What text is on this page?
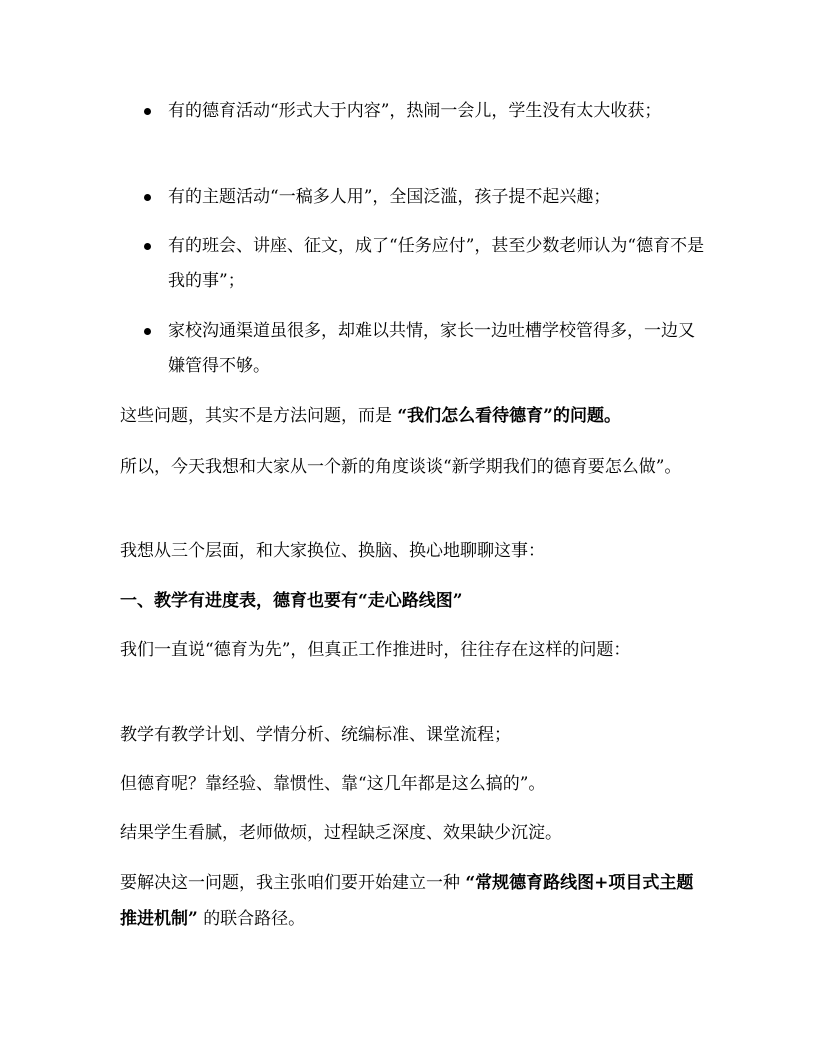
有的德育活动“形式大于内容”，热闹一会儿，学生没有太大收获；
有的主题活动“一稿多人用”，全国泛滥，孩子提不起兴趣；
有的班会、讲座、征文，成了“任务应付”，甚至少数老师认为“德育不是我的事”；
家校沟通渠道虽很多，却难以共情，家长一边吐槽学校管得多，一边又嫌管得不够。

这些问题，其实不是方法问题，而是 “我们怎么看待德育”的问题。

所以，今天我想和大家从一个新的角度谈谈“新学期我们的德育要怎么做”。

我想从三个层面，和大家换位、换脑、换心地聊聊这事：

一、教学有进度表，德育也要有“走心路线图”

我们一直说“德育为先”，但真正工作推进时，往往存在这样的问题：

教学有教学计划、学情分析、统编标准、课堂流程；

但德育呢？靠经验、靠惯性、靠“这几年都是这么搞的”。

结果学生看腻，老师做烦，过程缺乏深度、效果缺少沉淀。

要解决这一问题，我主张咱们要开始建立一种 “常规德育路线图+项目式主题推进机制” 的联合路径。
